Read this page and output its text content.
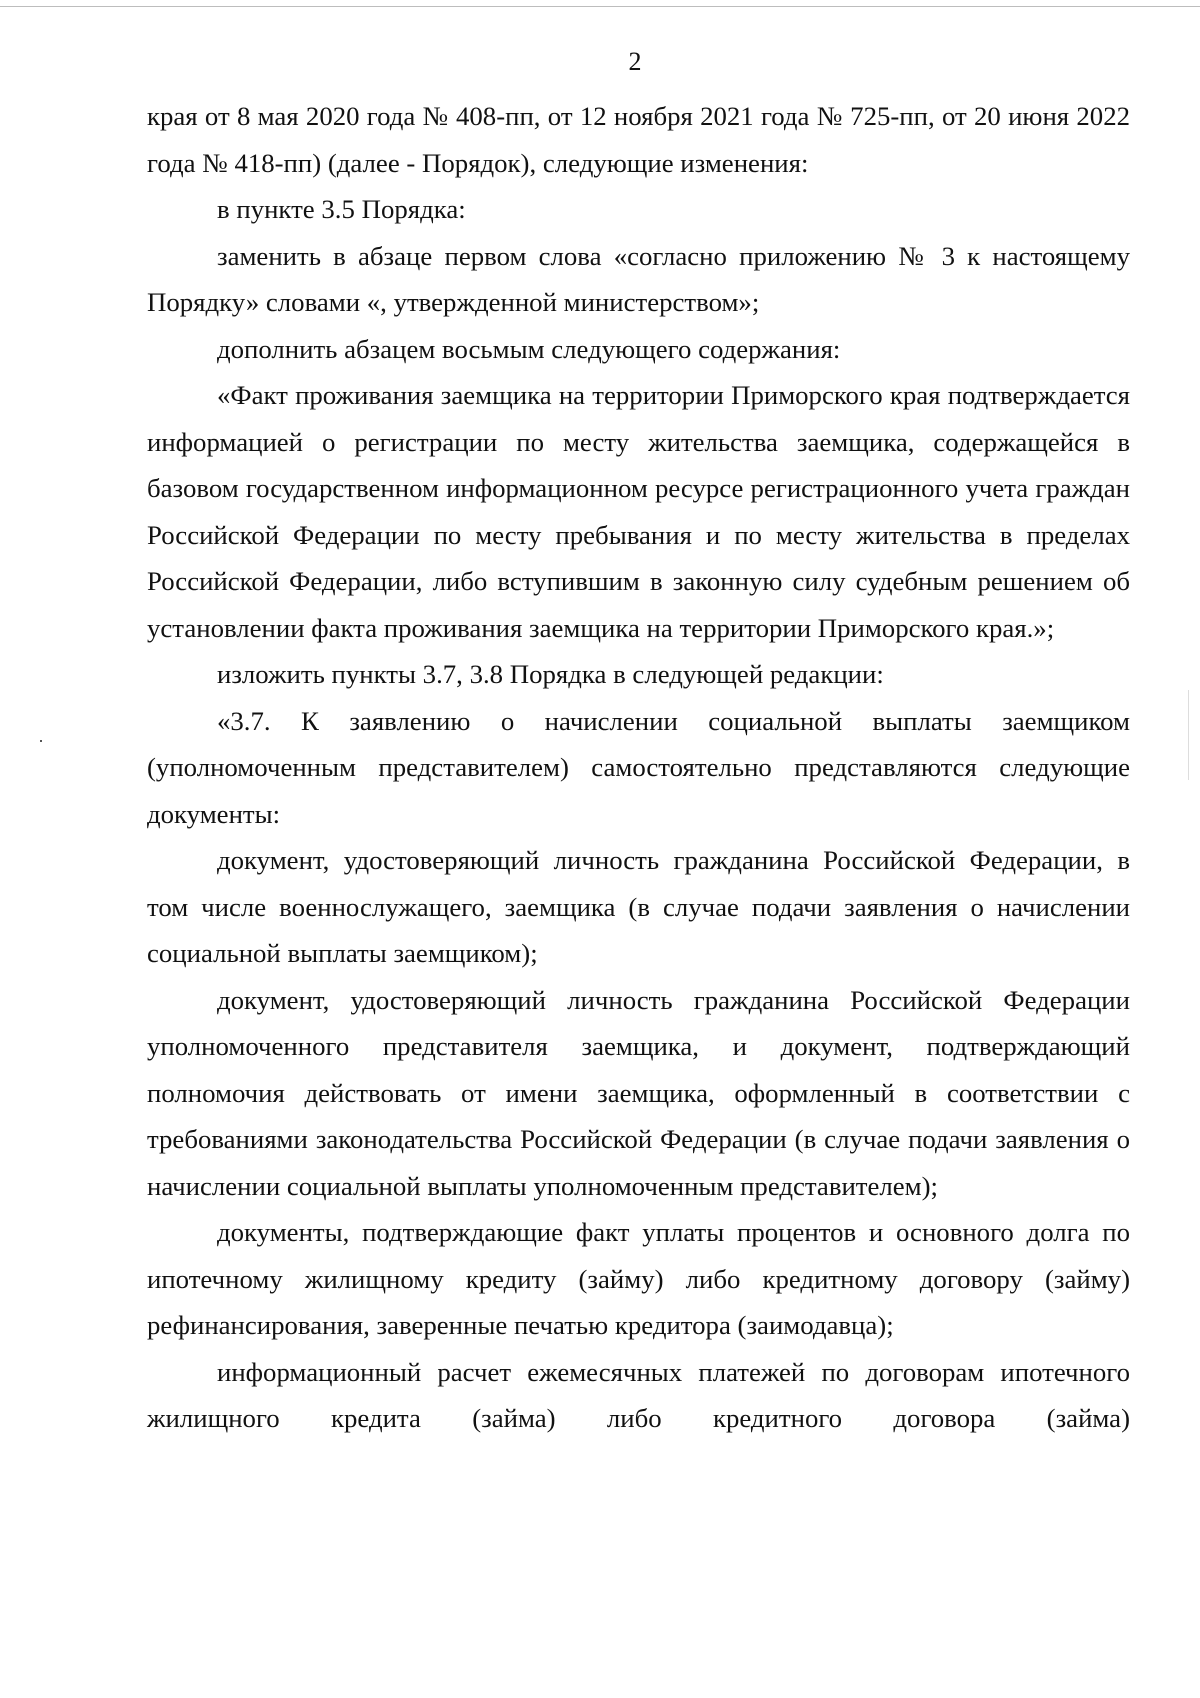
2

края от 8 мая 2020 года № 408-пп, от 12 ноября 2021 года № 725-пп, от 20 июня 2022 года № 418-пп) (далее - Порядок), следующие изменения:

в пункте 3.5 Порядка:

заменить в абзаце первом слова «согласно приложению № 3 к настоящему Порядку» словами «, утвержденной министерством»;

дополнить абзацем восьмым следующего содержания:

«Факт проживания заемщика на территории Приморского края подтверждается информацией о регистрации по месту жительства заемщика, содержащейся в базовом государственном информационном ресурсе регистрационного учета граждан Российской Федерации по месту пребывания и по месту жительства в пределах Российской Федерации, либо вступившим в законную силу судебным решением об установлении факта проживания заемщика на территории Приморского края.»;

изложить пункты 3.7, 3.8 Порядка в следующей редакции:

«3.7. К заявлению о начислении социальной выплаты заемщиком (уполномоченным представителем) самостоятельно представляются следующие документы:

документ, удостоверяющий личность гражданина Российской Федерации, в том числе военнослужащего, заемщика (в случае подачи заявления о начислении социальной выплаты заемщиком);

документ, удостоверяющий личность гражданина Российской Федерации уполномоченного представителя заемщика, и документ, подтверждающий полномочия действовать от имени заемщика, оформленный в соответствии с требованиями законодательства Российской Федерации (в случае подачи заявления о начислении социальной выплаты уполномоченным представителем);

документы, подтверждающие факт уплаты процентов и основного долга по ипотечному жилищному кредиту (займу) либо кредитному договору (займу) рефинансирования, заверенные печатью кредитора (заимодавца);

информационный расчет ежемесячных платежей по договорам ипотечного жилищного кредита (займа) либо кредитного договора (займа)
